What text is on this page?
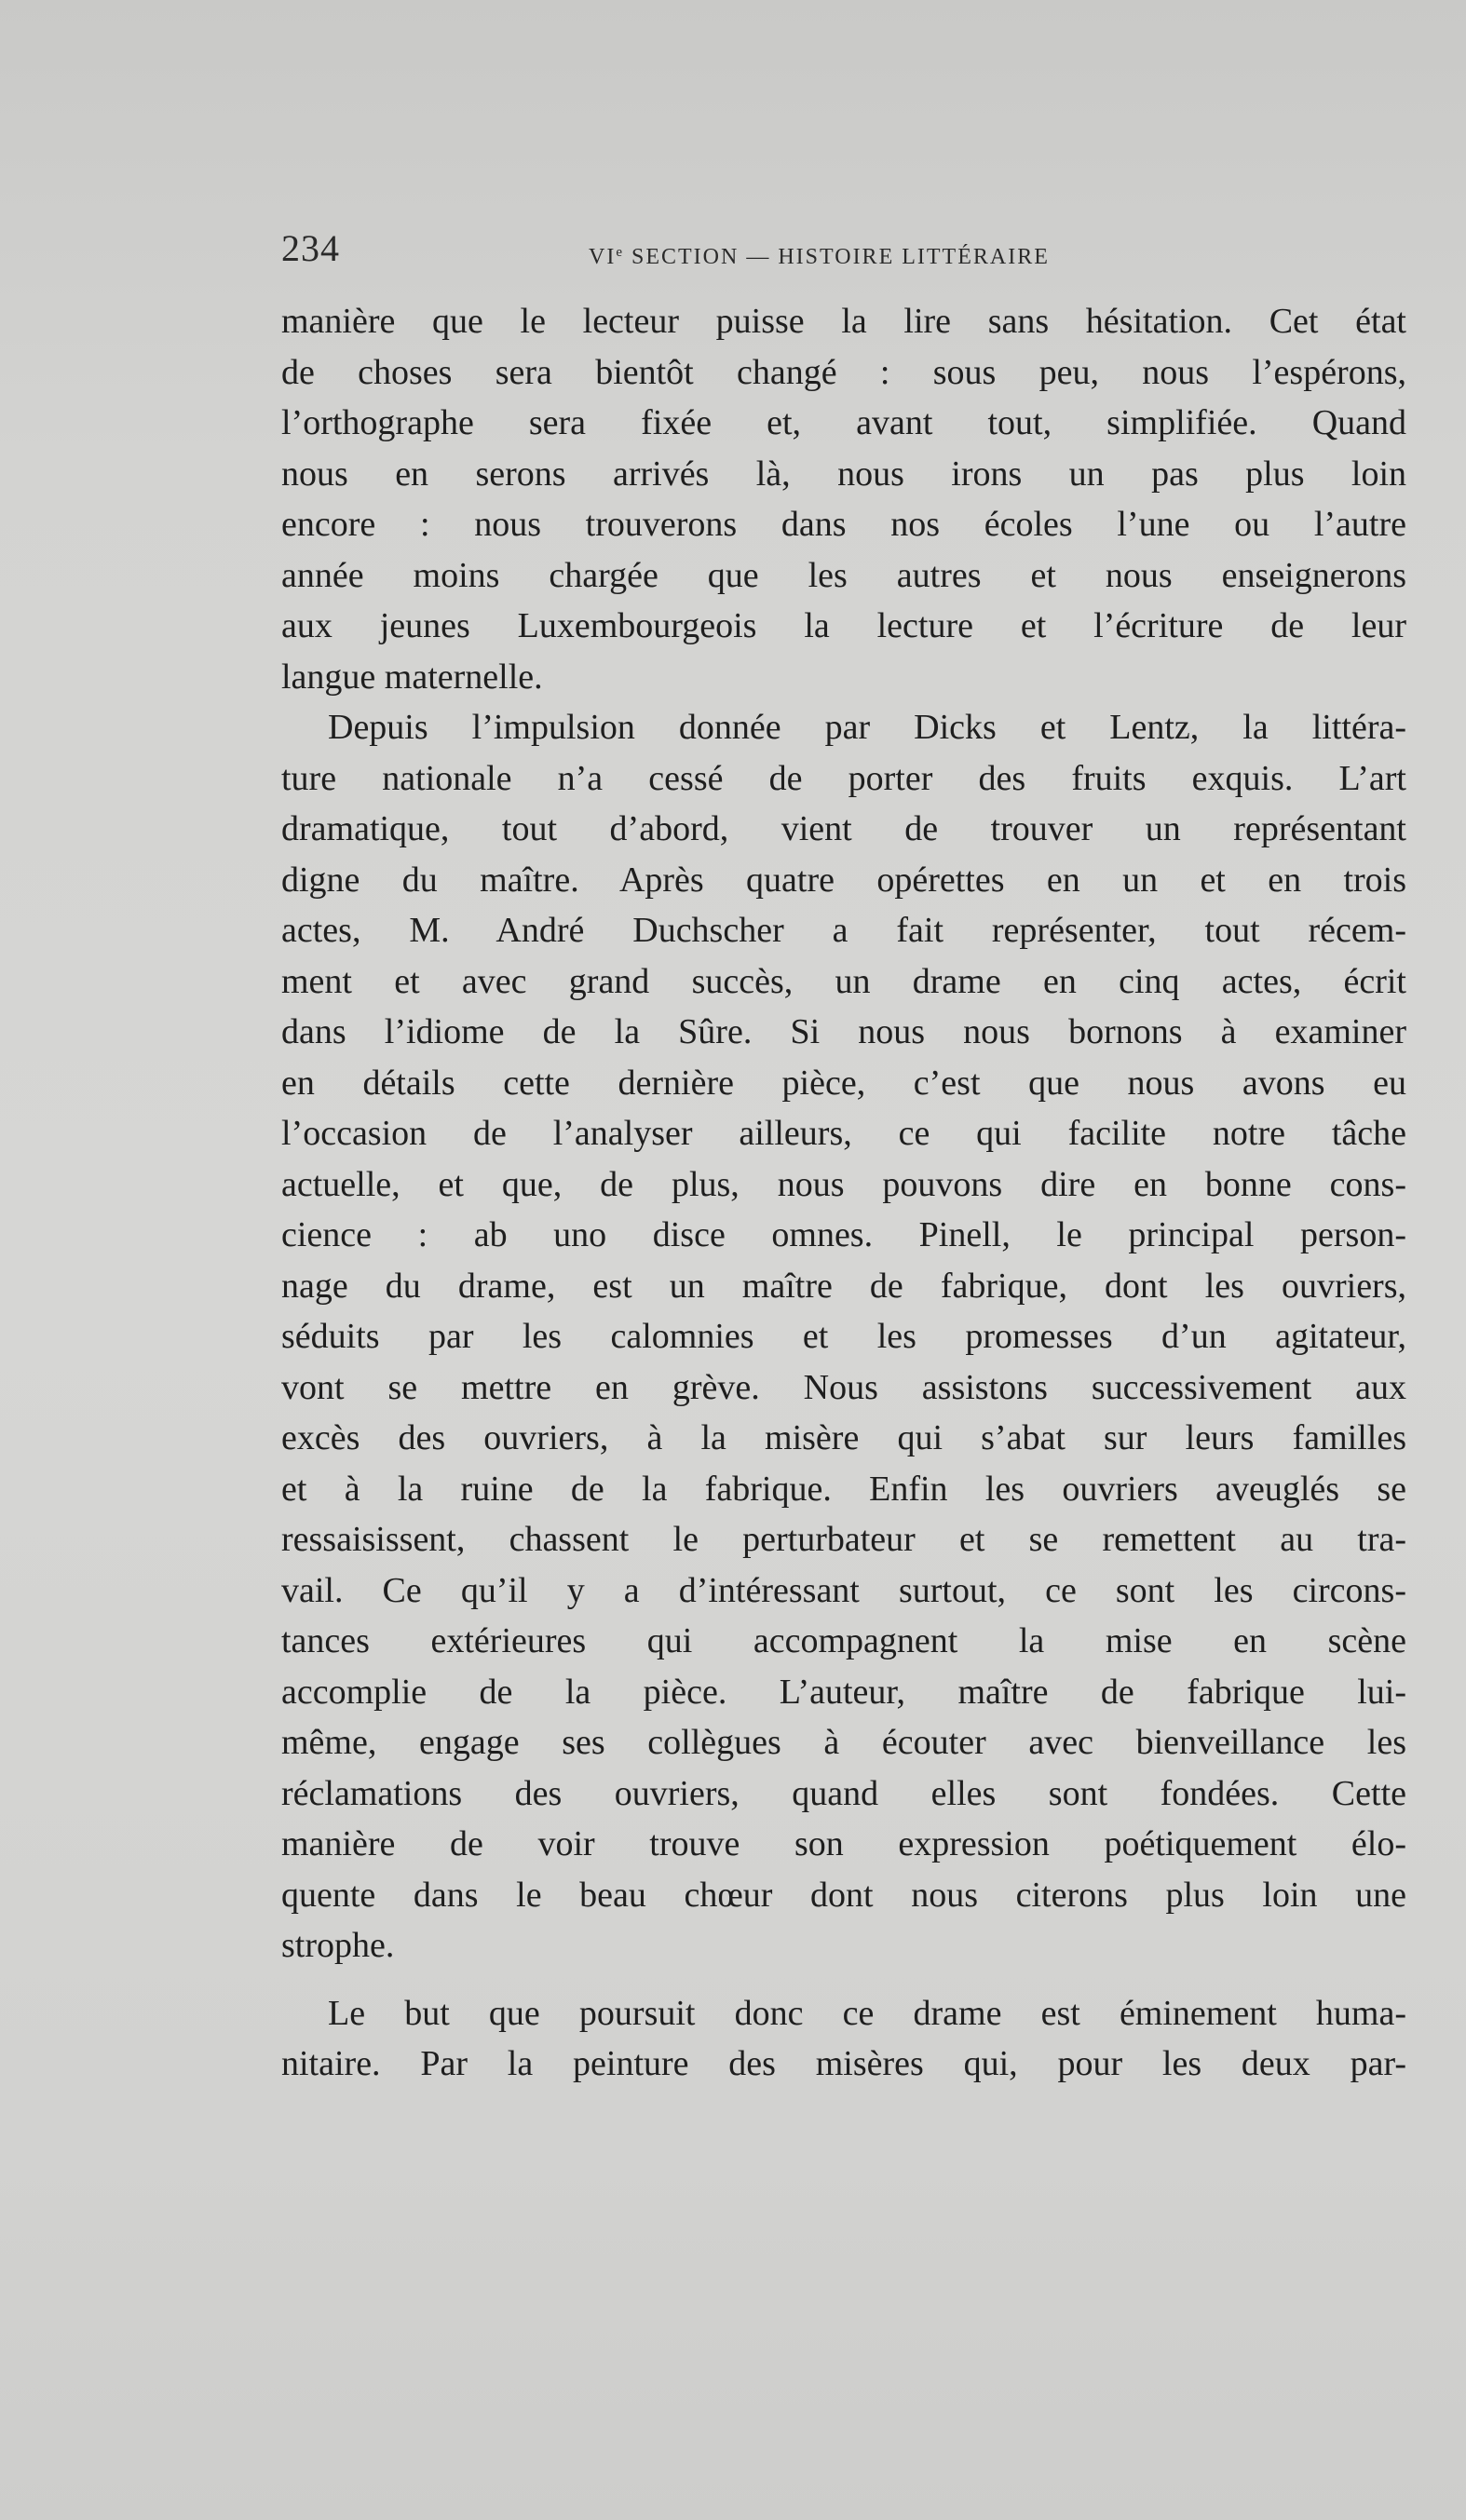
234	VIe SECTION — HISTOIRE LITTÉRAIRE
manière que le lecteur puisse la lire sans hésitation. Cet état
de choses sera bientôt changé : sous peu, nous l’espérons,
l’orthographe sera fixée et, avant tout, simplifiée. Quand
nous en serons arrivés là, nous irons un pas plus loin
encore : nous trouverons dans nos écoles l’une ou l’autre
année moins chargée que les autres et nous enseignerons
aux jeunes Luxembourgeois la lecture et l’écriture de leur
langue maternelle.
Depuis l’impulsion donnée par Dicks et Lentz, la littéra-
ture nationale n’a cessé de porter des fruits exquis. L’art
dramatique, tout d’abord, vient de trouver un représentant
digne du maître. Après quatre opérettes en un et en trois
actes, M. André Duchscher a fait représenter, tout récem-
ment et avec grand succès, un drame en cinq actes, écrit
dans l’idiome de la Sûre. Si nous nous bornons à examiner
en détails cette dernière pièce, c’est que nous avons eu
l’occasion de l’analyser ailleurs, ce qui facilite notre tâche
actuelle, et que, de plus, nous pouvons dire en bonne cons-
cience : ab uno disce omnes. Pinell, le principal person-
nage du drame, est un maître de fabrique, dont les ouvriers,
séduits par les calomnies et les promesses d’un agitateur,
vont se mettre en grève. Nous assistons successivement aux
excès des ouvriers, à la misère qui s’abat sur leurs familles
et à la ruine de la fabrique. Enfin les ouvriers aveuglés se
ressaisissent, chassent le perturbateur et se remettent au tra-
vail. Ce qu’il y a d’intéressant surtout, ce sont les circons-
tances extérieures qui accompagnent la mise en scène
accomplie de la pièce. L’auteur, maître de fabrique lui-
même, engage ses collègues à écouter avec bienveillance les
réclamations des ouvriers, quand elles sont fondées. Cette
manière de voir trouve son expression poétiquement élo-
quente dans le beau chœur dont nous citerons plus loin une
strophe.
Le but que poursuit donc ce drame est éminement huma-
nitaire. Par la peinture des misères qui, pour les deux par-
